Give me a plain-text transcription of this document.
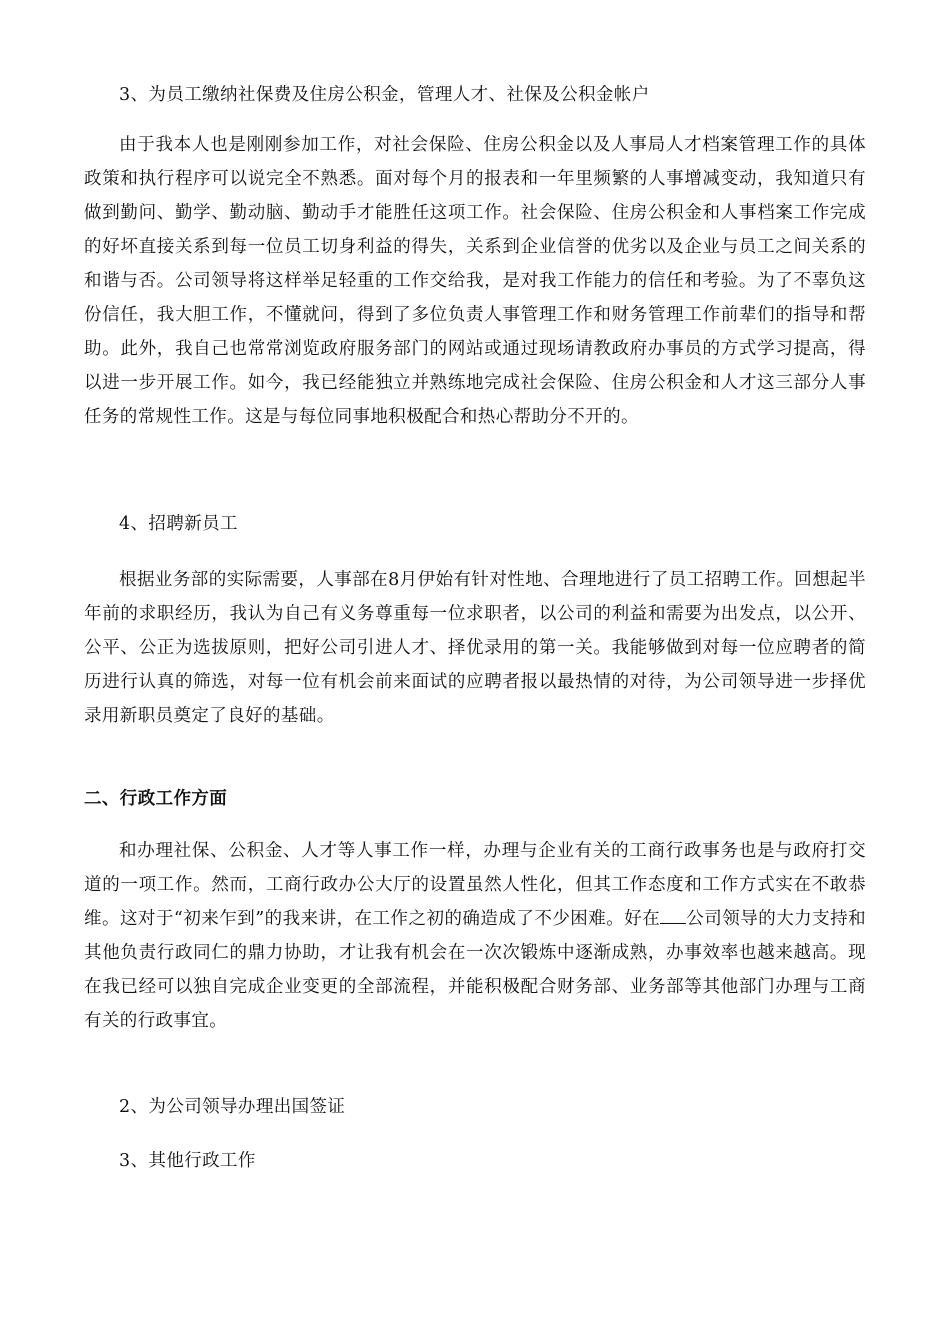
3、为员工缴纳社保费及住房公积金，管理人才、社保及公积金帐户

由于我本人也是刚刚参加工作，对社会保险、住房公积金以及人事局人才档案管理工作的具体政策和执行程序可以说完全不熟悉。面对每个月的报表和一年里频繁的人事增减变动，我知道只有做到勤问、勤学、勤动脑、勤动手才能胜任这项工作。社会保险、住房公积金和人事档案工作完成的好坏直接关系到每一位员工切身利益的得失，关系到企业信誉的优劣以及企业与员工之间关系的和谐与否。公司领导将这样举足轻重的工作交给我，是对我工作能力的信任和考验。为了不辜负这份信任，我大胆工作，不懂就问，得到了多位负责人事管理工作和财务管理工作前辈们的指导和帮助。此外，我自己也常常浏览政府服务部门的网站或通过现场请教政府办事员的方式学习提高，得以进一步开展工作。如今，我已经能独立并熟练地完成社会保险、住房公积金和人才这三部分人事任务的常规性工作。这是与每位同事地积极配合和热心帮助分不开的。

4、招聘新员工

根据业务部的实际需要，人事部在8月伊始有针对性地、合理地进行了员工招聘工作。回想起半年前的求职经历，我认为自己有义务尊重每一位求职者，以公司的利益和需要为出发点，以公开、公平、公正为选拔原则，把好公司引进人才、择优录用的第一关。我能够做到对每一位应聘者的简历进行认真的筛选，对每一位有机会前来面试的应聘者报以最热情的对待，为公司领导进一步择优录用新职员奠定了良好的基础。

二、行政工作方面

和办理社保、公积金、人才等人事工作一样，办理与企业有关的工商行政事务也是与政府打交道的一项工作。然而，工商行政办公大厅的设置虽然人性化，但其工作态度和工作方式实在不敢恭维。这对于“初来乍到”的我来讲，在工作之初的确造成了不少困难。好在 公司领导的大力支持和其他负责行政同仁的鼎力协助，才让我有机会在一次次锻炼中逐渐成熟，办事效率也越来越高。现在我已经可以独自完成企业变更的全部流程，并能积极配合财务部、业务部等其他部门办理与工商有关的行政事宜。

2、为公司领导办理出国签证

3、其他行政工作
